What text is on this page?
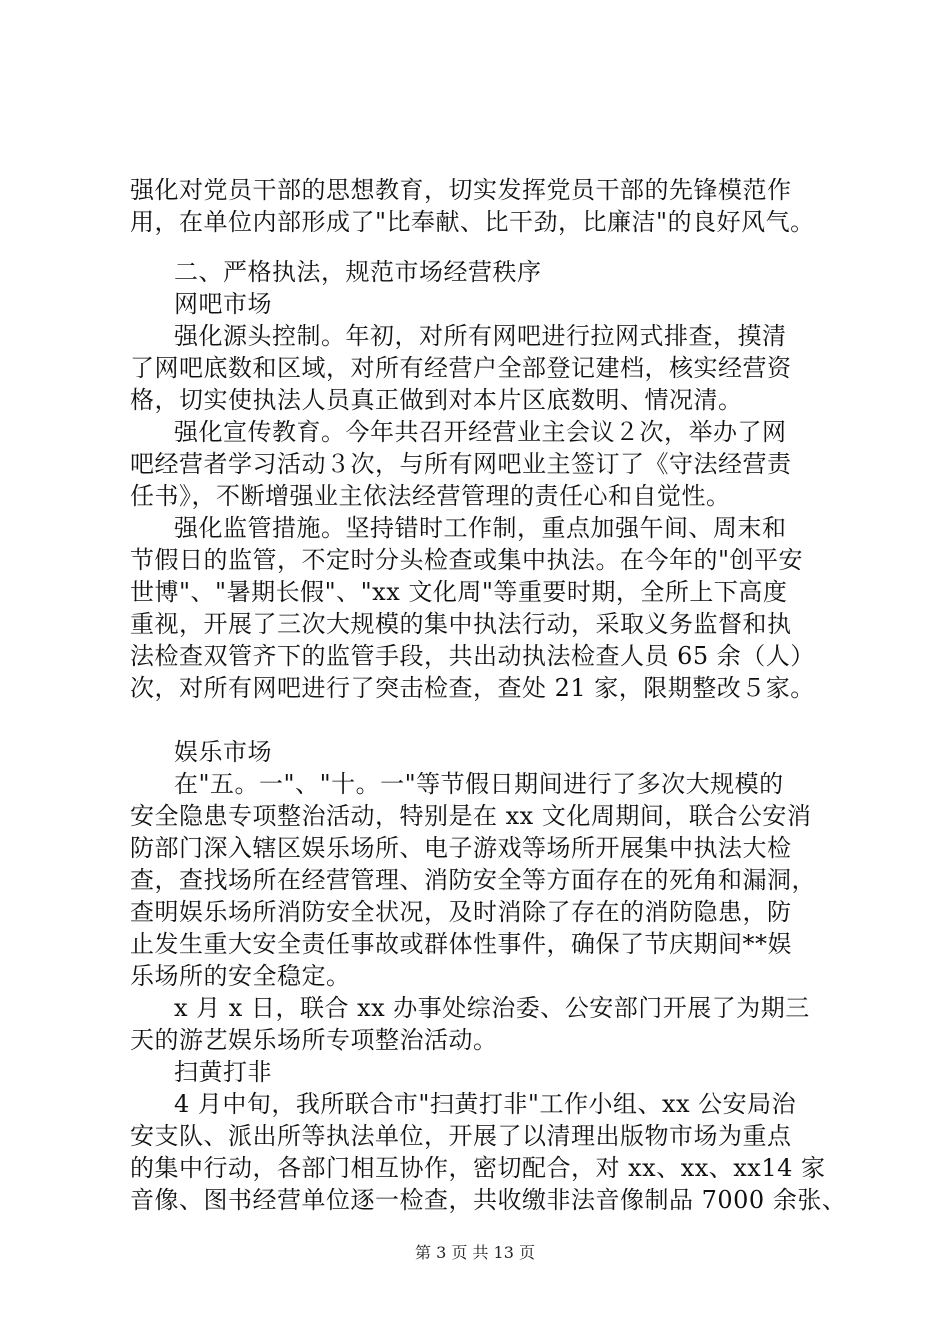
强化对党员干部的思想教育，切实发挥党员干部的先锋模范作
用，在单位内部形成了"比奉献、比干劲，比廉洁"的良好风气。
二、严格执法，规范市场经营秩序
网吧市场
强化源头控制。年初，对所有网吧进行拉网式排查，摸清
了网吧底数和区域，对所有经营户全部登记建档，核实经营资
格，切实使执法人员真正做到对本片区底数明、情况清。
强化宣传教育。今年共召开经营业主会议２次，举办了网
吧经营者学习活动３次，与所有网吧业主签订了《守法经营责
任书》，不断增强业主依法经营管理的责任心和自觉性。
强化监管措施。坚持错时工作制，重点加强午间、周末和
节假日的监管，不定时分头检查或集中执法。在今年的"创平安
世博"、"暑期长假"、"xx 文化周"等重要时期，全所上下高度
重视，开展了三次大规模的集中执法行动，采取义务监督和执
法检查双管齐下的监管手段，共出动执法检查人员 65 余（人）
次，对所有网吧进行了突击检查，查处 21 家，限期整改５家。
娱乐市场
在"五。一"、"十。一"等节假日期间进行了多次大规模的
安全隐患专项整治活动，特别是在 xx 文化周期间，联合公安消
防部门深入辖区娱乐场所、电子游戏等场所开展集中执法大检
查，查找场所在经营管理、消防安全等方面存在的死角和漏洞，
查明娱乐场所消防安全状况，及时消除了存在的消防隐患，防
止发生重大安全责任事故或群体性事件，确保了节庆期间**娱
乐场所的安全稳定。
x 月 x 日，联合 xx 办事处综治委、公安部门开展了为期三
天的游艺娱乐场所专项整治活动。
扫黄打非
4 月中旬，我所联合市"扫黄打非"工作小组、xx 公安局治
安支队、派出所等执法单位，开展了以清理出版物市场为重点
的集中行动，各部门相互协作，密切配合，对 xx、xx、xx14 家
音像、图书经营单位逐一检查，共收缴非法音像制品 7000 余张、
第 3 页 共 13 页
